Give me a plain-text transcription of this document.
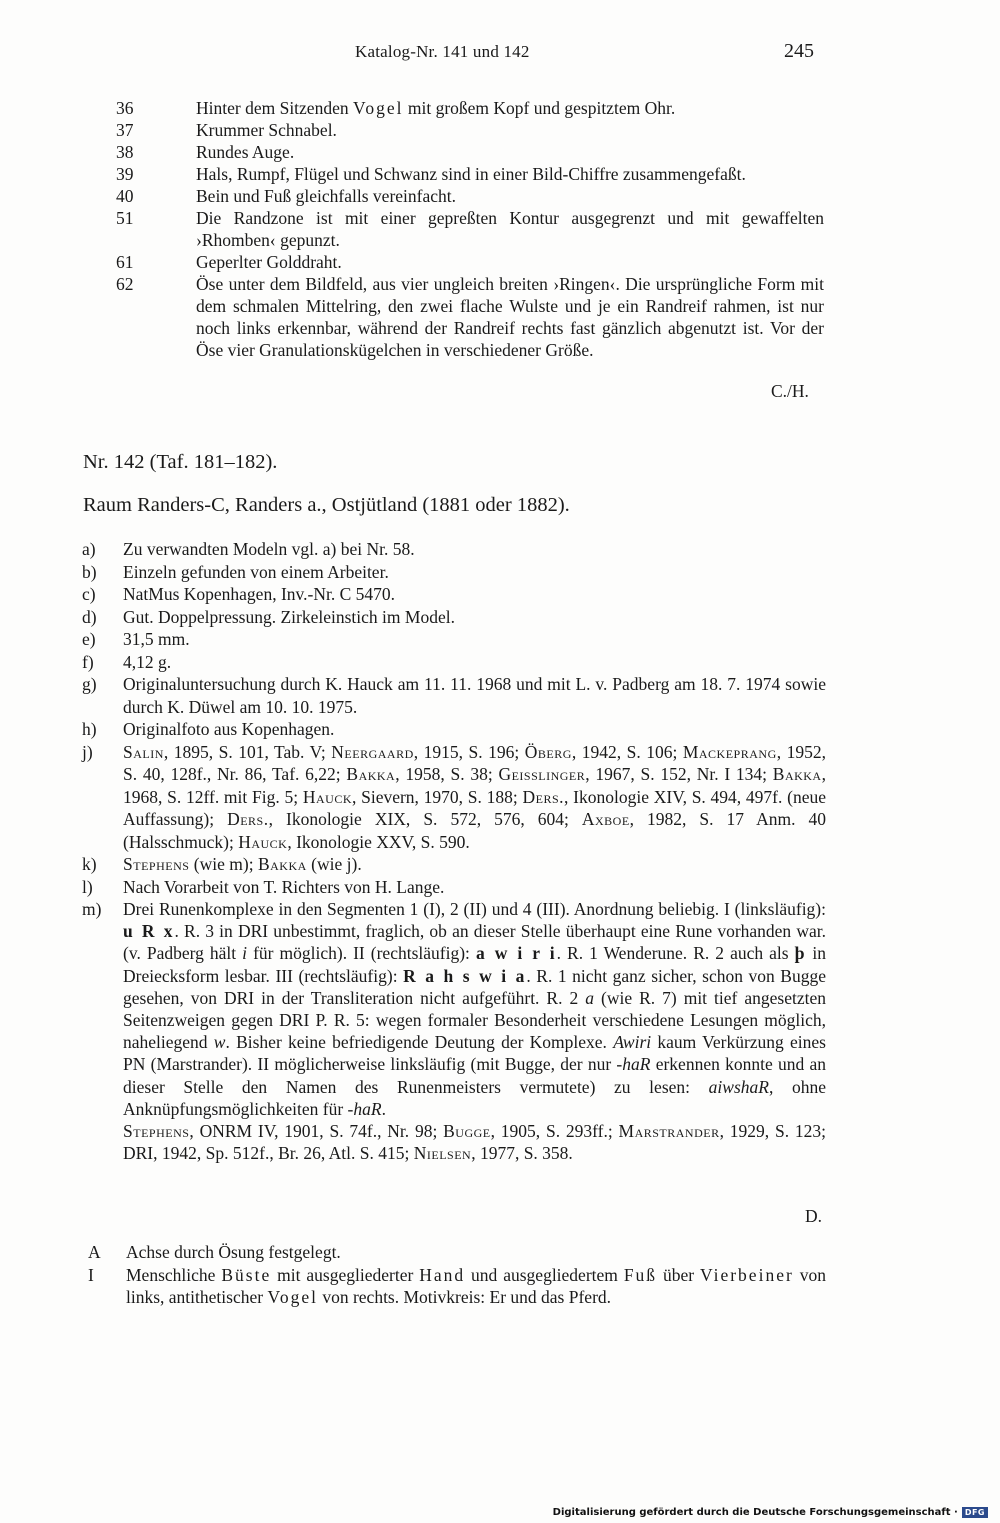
Katalog-Nr. 141 und 142	245
36	Hinter dem Sitzenden Vogel mit großem Kopf und gespitztem Ohr.
37	Krummer Schnabel.
38	Rundes Auge.
39	Hals, Rumpf, Flügel und Schwanz sind in einer Bild-Chiffre zusammengefaßt.
40	Bein und Fuß gleichfalls vereinfacht.
51	Die Randzone ist mit einer gepreßten Kontur ausgegrenzt und mit gewaffelten ›Rhomben‹ gepunzt.
61	Geperlter Golddraht.
62	Öse unter dem Bildfeld, aus vier ungleich breiten ›Ringen‹. Die ursprüngliche Form mit dem schmalen Mittelring, den zwei flache Wulste und je ein Randreif rahmen, ist nur noch links erkennbar, während der Randreif rechts fast gänzlich abgenutzt ist. Vor der Öse vier Granulationskügelchen in verschiedener Größe.
C./H.
Nr. 142 (Taf. 181–182).
Raum Randers-C, Randers a., Ostjütland (1881 oder 1882).
a)	Zu verwandten Modeln vgl. a) bei Nr. 58.
b)	Einzeln gefunden von einem Arbeiter.
c)	NatMus Kopenhagen, Inv.-Nr. C 5470.
d)	Gut. Doppelpressung. Zirkeleinstich im Model.
e)	31,5 mm.
f)	4,12 g.
g)	Originaluntersuchung durch K. Hauck am 11. 11. 1968 und mit L. v. Padberg am 18. 7. 1974 sowie durch K. Düwel am 10. 10. 1975.
h)	Originalfoto aus Kopenhagen.
j)	Salin, 1895, S. 101, Tab. V; Neergaard, 1915, S. 196; Öberg, 1942, S. 106; Mackeprang, 1952, S. 40, 128f., Nr. 86, Taf. 6,22; Bakka, 1958, S. 38; Geisslinger, 1967, S. 152, Nr. I 134; Bakka, 1968, S. 12ff. mit Fig. 5; Hauck, Sievern, 1970, S. 188; Ders., Ikonologie XIV, S. 494, 497f. (neue Auffassung); Ders., Ikonologie XIX, S. 572, 576, 604; Axboe, 1982, S. 17 Anm. 40 (Halsschmuck); Hauck, Ikonologie XXV, S. 590.
k)	Stephens (wie m); Bakka (wie j).
l)	Nach Vorarbeit von T. Richters von H. Lange.
m)	Drei Runenkomplexe in den Segmenten 1 (I), 2 (II) und 4 (III). Anordnung beliebig. I (linksläufig): u R x. R. 3 in DRI unbestimmt, fraglich, ob an dieser Stelle überhaupt eine Rune vorhanden war. (v. Padberg hält i für möglich). II (rechtsläufig): a w i r i. R. 1 Wenderune. R. 2 auch als þ in Dreiecksform lesbar. III (rechtsläufig): R a h s w i a. R. 1 nicht ganz sicher, schon von Bugge gesehen, von DRI in der Transliteration nicht aufgeführt. R. 2 a (wie R. 7) mit tief angesetzten Seitenzweigen gegen DRI P. R. 5: wegen formaler Besonderheit verschiedene Lesungen möglich, naheliegend w. Bisher keine befriedigende Deutung der Komplexe. Awiri kaum Verkürzung eines PN (Marstrander). II möglicherweise linksläufig (mit Bugge, der nur -haR erkennen konnte und an dieser Stelle den Namen des Runenmeisters vermutete) zu lesen: aiwshaR, ohne Anknüpfungsmöglichkeiten für -haR.

Stephens, ONRM IV, 1901, S. 74f., Nr. 98; Bugge, 1905, S. 293ff.; Marstrander, 1929, S. 123; DRI, 1942, Sp. 512f., Br. 26, Atl. S. 415; Nielsen, 1977, S. 358.

D.
A	Achse durch Ösung festgelegt.
I	Menschliche Büste mit ausgegliederter Hand und ausgegliedertem Fuß über Vierbeiner von links, antithetischer Vogel von rechts. Motivkreis: Er und das Pferd.
Digitalisierung gefördert durch die Deutsche Forschungsgemeinschaft · DFG
